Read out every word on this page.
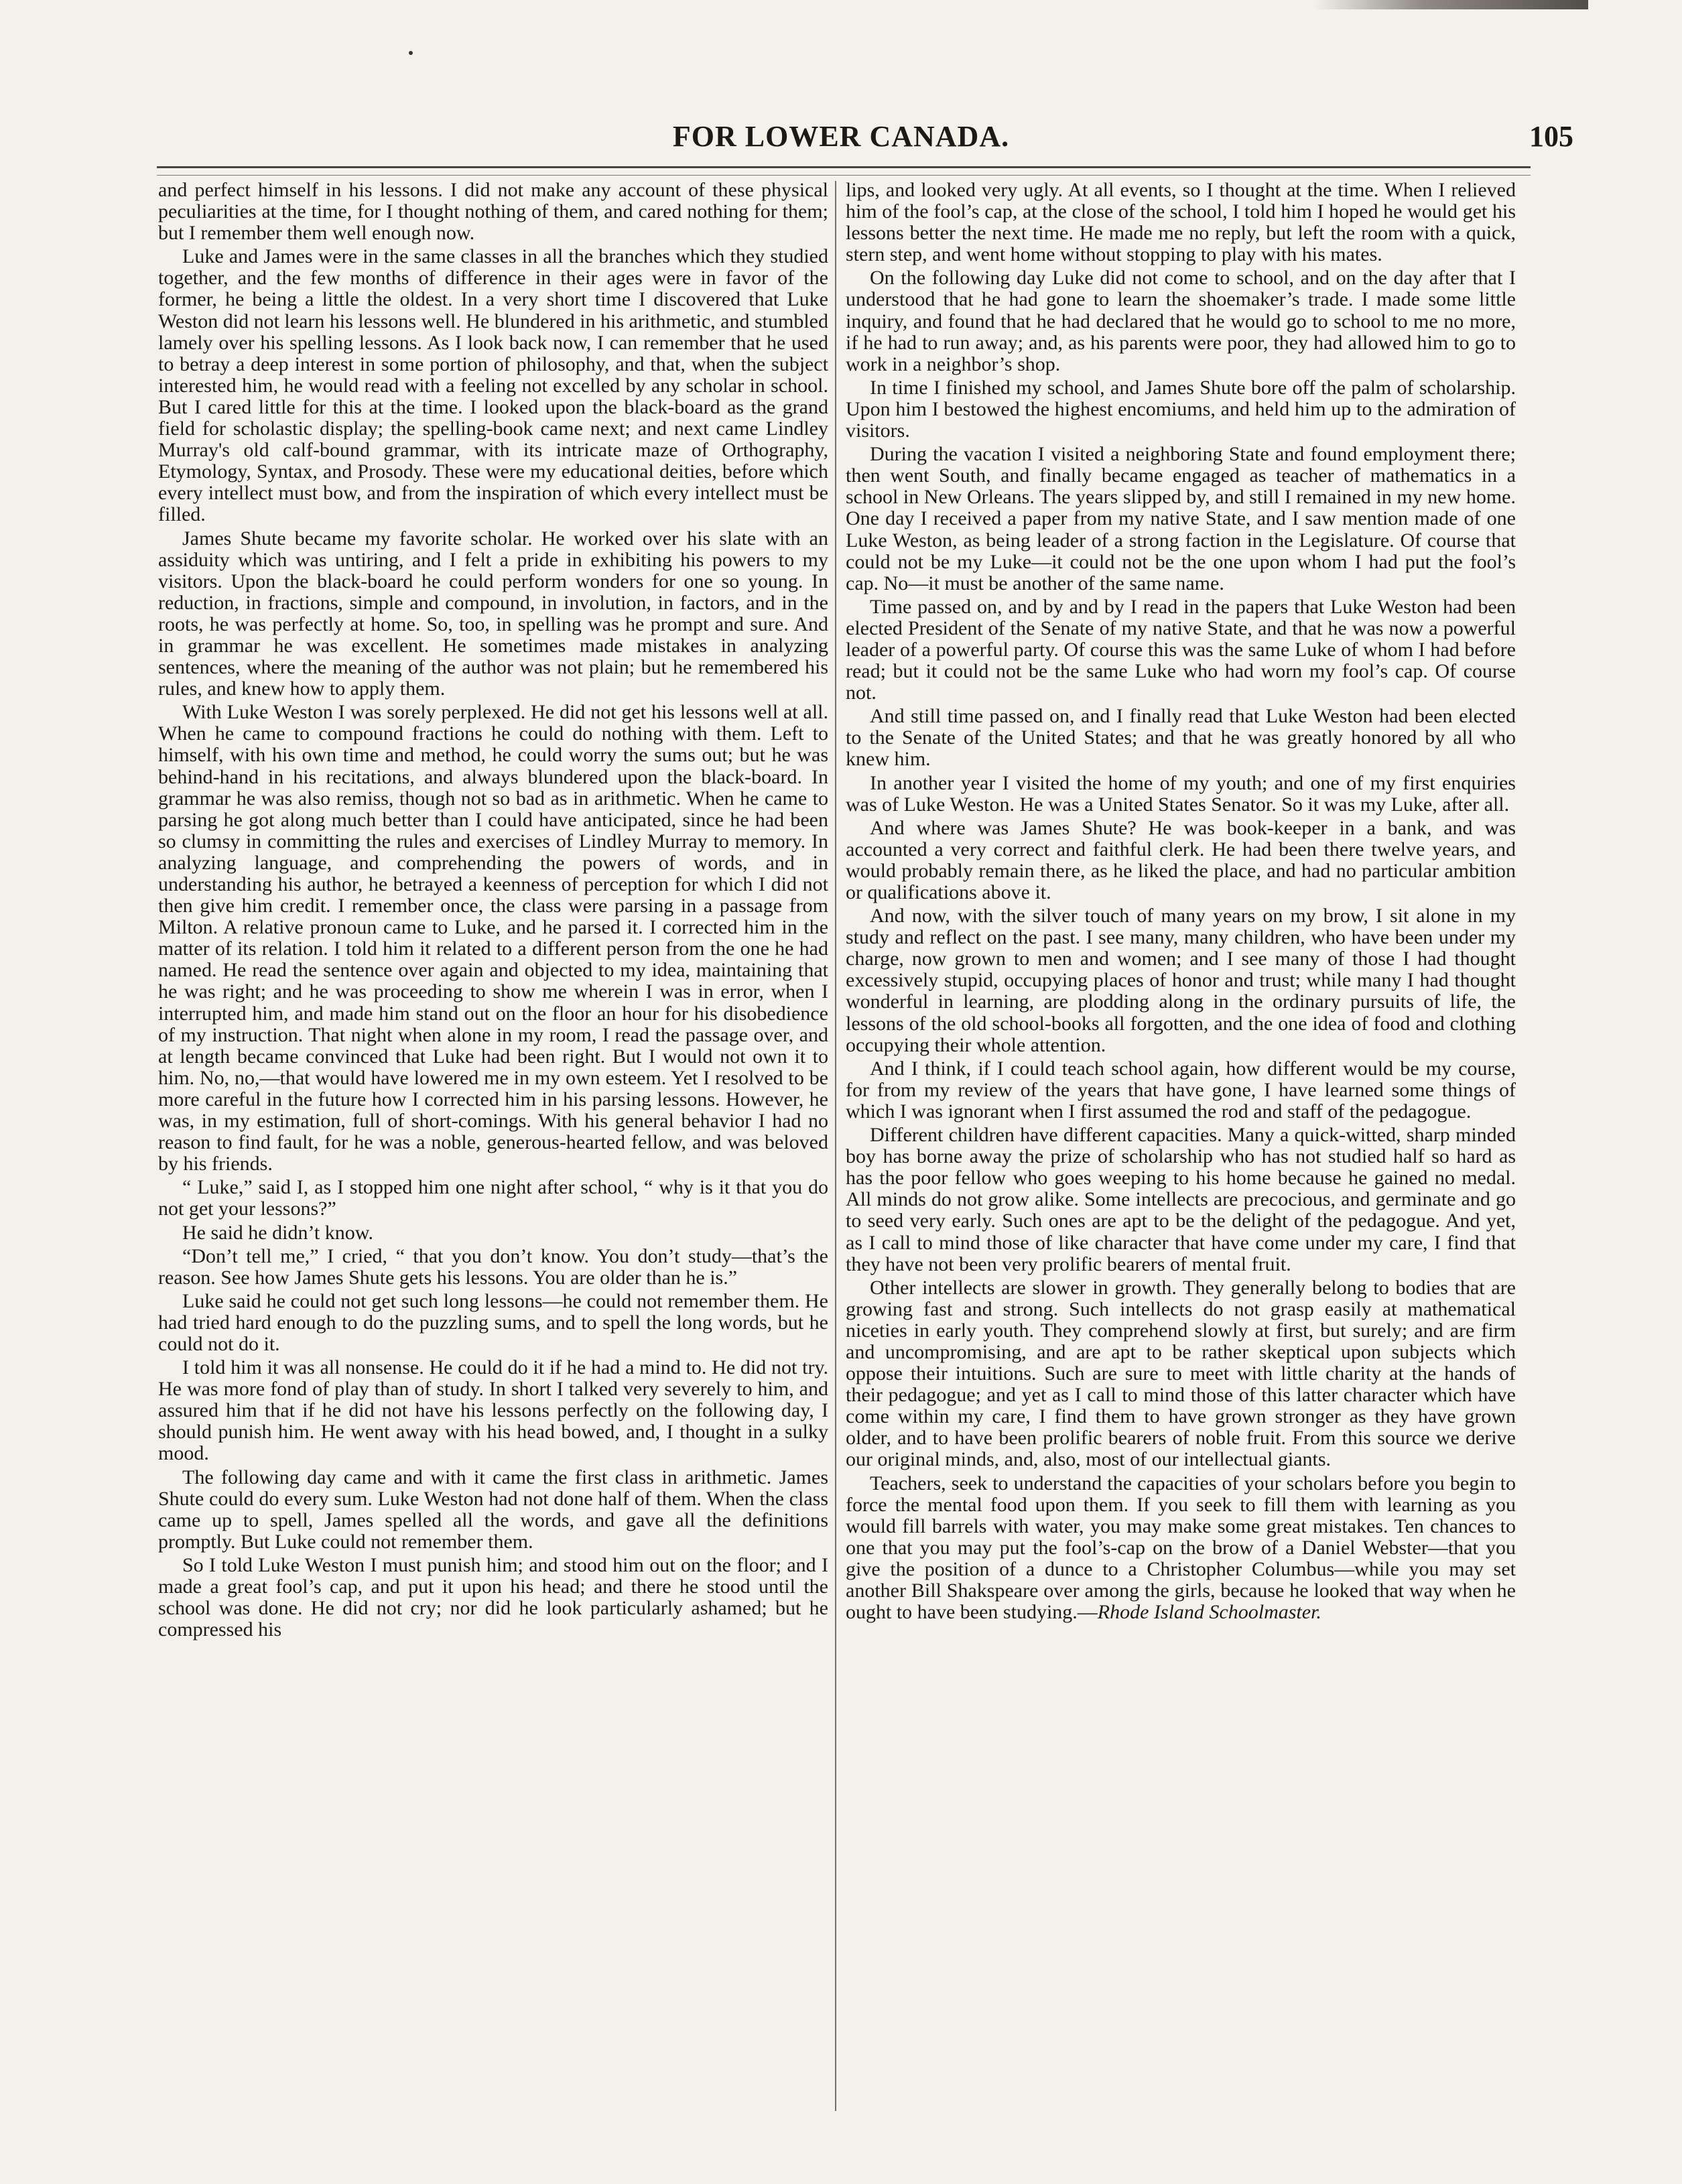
FOR LOWER CANADA.	105

and perfect himself in his lessons. I did not make any account of these physical peculiarities at the time, for I thought nothing of them, and cared nothing for them; but I remember them well enough now.

Luke and James were in the same classes in all the branches which they studied together, and the few months of difference in their ages were in favor of the former, he being a little the oldest. In a very short time I discovered that Luke Weston did not learn his lessons well. He blundered in his arithmetic, and stumbled lamely over his spelling lessons. As I look back now, I can remember that he used to betray a deep interest in some portion of philosophy, and that, when the subject interested him, he would read with a feeling not excelled by any scholar in school. But I cared little for this at the time. I looked upon the black-board as the grand field for scholastic display; the spelling-book came next; and next came Lindley Murray's old calf-bound grammar, with its intricate maze of Orthography, Etymology, Syntax, and Prosody. These were my educational deities, before which every intellect must bow, and from the inspiration of which every intellect must be filled.

James Shute became my favorite scholar. He worked over his slate with an assiduity which was untiring, and I felt a pride in exhibiting his powers to my visitors. Upon the black-board he could perform wonders for one so young. In reduction, in fractions, simple and compound, in involution, in factors, and in the roots, he was perfectly at home. So, too, in spelling was he prompt and sure. And in grammar he was excellent. He sometimes made mistakes in analyzing sentences, where the meaning of the author was not plain; but he remembered his rules, and knew how to apply them.

With Luke Weston I was sorely perplexed. He did not get his lessons well at all. When he came to compound fractions he could do nothing with them. Left to himself, with his own time and method, he could worry the sums out; but he was behind-hand in his recitations, and always blundered upon the black-board. In grammar he was also remiss, though not so bad as in arithmetic. When he came to parsing he got along much better than I could have anticipated, since he had been so clumsy in committing the rules and exercises of Lindley Murray to memory. In analyzing language, and comprehending the powers of words, and in understanding his author, he betrayed a keenness of perception for which I did not then give him credit. I remember once, the class were parsing in a passage from Milton. A relative pronoun came to Luke, and he parsed it. I corrected him in the matter of its relation. I told him it related to a different person from the one he had named. He read the sentence over again and objected to my idea, maintaining that he was right; and he was proceeding to show me wherein I was in error, when I interrupted him, and made him stand out on the floor an hour for his disobedience of my instruction. That night when alone in my room, I read the passage over, and at length became convinced that Luke had been right. But I would not own it to him. No, no,—that would have lowered me in my own esteem. Yet I resolved to be more careful in the future how I corrected him in his parsing lessons. However, he was, in my estimation, full of short-comings. With his general behavior I had no reason to find fault, for he was a noble, generous-hearted fellow, and was beloved by his friends.

“ Luke,” said I, as I stopped him one night after school, “ why is it that you do not get your lessons?”

He said he didn’t know.

“Don’t tell me,” I cried, “ that you don’t know. You don’t study—that’s the reason. See how James Shute gets his lessons. You are older than he is.”

Luke said he could not get such long lessons—he could not remember them. He had tried hard enough to do the puzzling sums, and to spell the long words, but he could not do it.

I told him it was all nonsense. He could do it if he had a mind to. He did not try. He was more fond of play than of study. In short I talked very severely to him, and assured him that if he did not have his lessons perfectly on the following day, I should punish him. He went away with his head bowed, and, I thought in a sulky mood.

The following day came and with it came the first class in arithmetic. James Shute could do every sum. Luke Weston had not done half of them. When the class came up to spell, James spelled all the words, and gave all the definitions promptly. But Luke could not remember them.

So I told Luke Weston I must punish him; and stood him out on the floor; and I made a great fool’s cap, and put it upon his head; and there he stood until the school was done. He did not cry; nor did he look particularly ashamed; but he compressed his

lips, and looked very ugly. At all events, so I thought at the time. When I relieved him of the fool’s cap, at the close of the school, I told him I hoped he would get his lessons better the next time. He made me no reply, but left the room with a quick, stern step, and went home without stopping to play with his mates.

On the following day Luke did not come to school, and on the day after that I understood that he had gone to learn the shoemaker’s trade. I made some little inquiry, and found that he had declared that he would go to school to me no more, if he had to run away; and, as his parents were poor, they had allowed him to go to work in a neighbor’s shop.

In time I finished my school, and James Shute bore off the palm of scholarship. Upon him I bestowed the highest encomiums, and held him up to the admiration of visitors.

During the vacation I visited a neighboring State and found employment there; then went South, and finally became engaged as teacher of mathematics in a school in New Orleans. The years slipped by, and still I remained in my new home. One day I received a paper from my native State, and I saw mention made of one Luke Weston, as being leader of a strong faction in the Legislature. Of course that could not be my Luke—it could not be the one upon whom I had put the fool’s cap. No—it must be another of the same name.

Time passed on, and by and by I read in the papers that Luke Weston had been elected President of the Senate of my native State, and that he was now a powerful leader of a powerful party. Of course this was the same Luke of whom I had before read; but it could not be the same Luke who had worn my fool’s cap. Of course not.

And still time passed on, and I finally read that Luke Weston had been elected to the Senate of the United States; and that he was greatly honored by all who knew him.

In another year I visited the home of my youth; and one of my first enquiries was of Luke Weston. He was a United States Senator. So it was my Luke, after all.

And where was James Shute? He was book-keeper in a bank, and was accounted a very correct and faithful clerk. He had been there twelve years, and would probably remain there, as he liked the place, and had no particular ambition or qualifications above it.

And now, with the silver touch of many years on my brow, I sit alone in my study and reflect on the past. I see many, many children, who have been under my charge, now grown to men and women; and I see many of those I had thought excessively stupid, occupying places of honor and trust; while many I had thought wonderful in learning, are plodding along in the ordinary pursuits of life, the lessons of the old school-books all forgotten, and the one idea of food and clothing occupying their whole attention.

And I think, if I could teach school again, how different would be my course, for from my review of the years that have gone, I have learned some things of which I was ignorant when I first assumed the rod and staff of the pedagogue.

Different children have different capacities. Many a quick-witted, sharp minded boy has borne away the prize of scholarship who has not studied half so hard as has the poor fellow who goes weeping to his home because he gained no medal. All minds do not grow alike. Some intellects are precocious, and germinate and go to seed very early. Such ones are apt to be the delight of the pedagogue. And yet, as I call to mind those of like character that have come under my care, I find that they have not been very prolific bearers of mental fruit.

Other intellects are slower in growth. They generally belong to bodies that are growing fast and strong. Such intellects do not grasp easily at mathematical niceties in early youth. They comprehend slowly at first, but surely; and are firm and uncompromising, and are apt to be rather skeptical upon subjects which oppose their intuitions. Such are sure to meet with little charity at the hands of their pedagogue; and yet as I call to mind those of this latter character which have come within my care, I find them to have grown stronger as they have grown older, and to have been prolific bearers of noble fruit. From this source we derive our original minds, and, also, most of our intellectual giants.

Teachers, seek to understand the capacities of your scholars before you begin to force the mental food upon them. If you seek to fill them with learning as you would fill barrels with water, you may make some great mistakes. Ten chances to one that you may put the fool’s-cap on the brow of a Daniel Webster—that you give the position of a dunce to a Christopher Columbus—while you may set another Bill Shakspeare over among the girls, because he looked that way when he ought to have been studying.—Rhode Island Schoolmaster.
